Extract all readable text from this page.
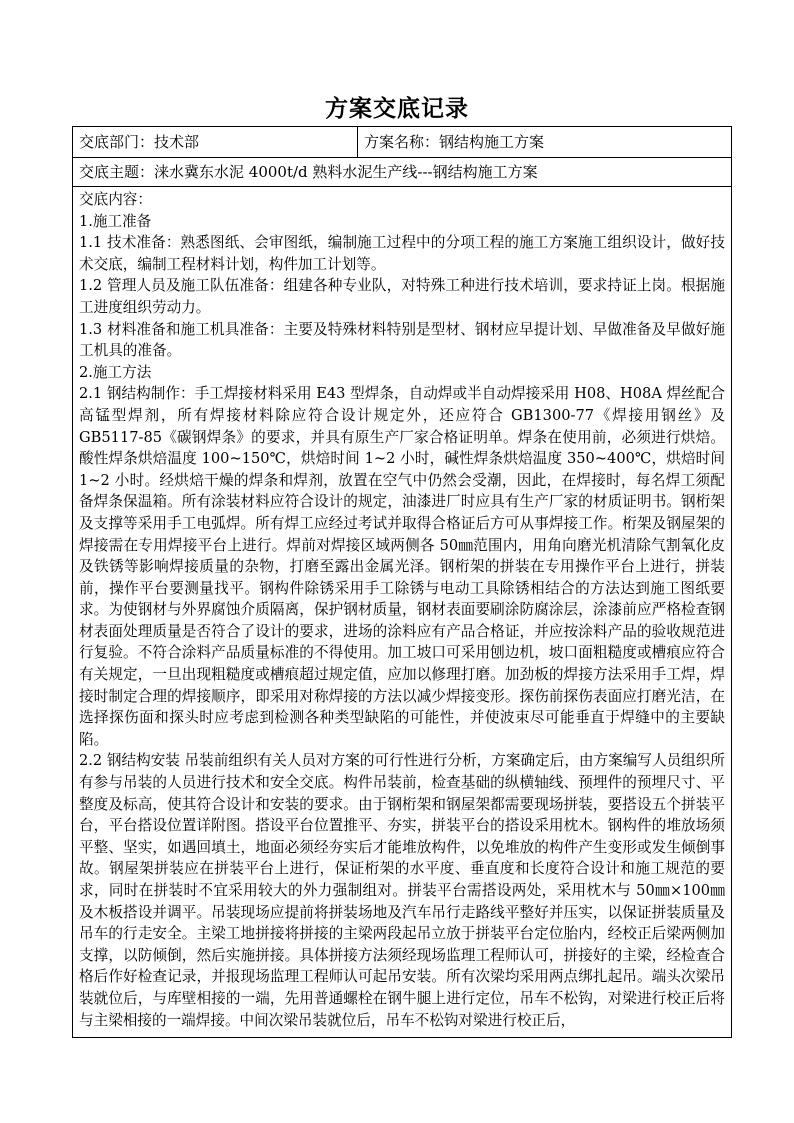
方案交底记录
交底部门：技术部	方案名称：钢结构施工方案
交底主题：涞水冀东水泥 4000t/d 熟料水泥生产线---钢结构施工方案

交底内容：

1.施工准备

1.1 技术准备：熟悉图纸、会审图纸，编制施工过程中的分项工程的施工方案施工组织设计，做好技术交底，编制工程材料计划，构件加工计划等。

1.2 管理人员及施工队伍准备：组建各种专业队，对特殊工种进行技术培训，要求持证上岗。根据施工进度组织劳动力。

1.3 材料准备和施工机具准备：主要及特殊材料特别是型材、钢材应早提计划、早做准备及早做好施工机具的准备。

2.施工方法

2.1 钢结构制作：手工焊接材料采用 E43 型焊条，自动焊或半自动焊接采用 H08、H08A 焊丝配合高锰型焊剂，所有焊接材料除应符合设计规定外，还应符合 GB1300-77《焊接用钢丝》及 GB5117-85《碳钢焊条》的要求，并具有原生产厂家合格证明单。焊条在使用前，必须进行烘焙。酸性焊条烘焙温度 100~150℃，烘焙时间 1~2 小时，碱性焊条烘焙温度 350~400℃，烘焙时间 1~2 小时。经烘焙干燥的焊条和焊剂，放置在空气中仍然会受潮，因此，在焊接时，每名焊工须配备焊条保温箱。所有涂装材料应符合设计的规定，油漆进厂时应具有生产厂家的材质证明书。钢桁架及支撑等采用手工电弧焊。所有焊工应经过考试并取得合格证后方可从事焊接工作。桁架及钢屋架的焊接需在专用焊接平台上进行。焊前对焊接区域两侧各 50㎜范围内，用角向磨光机清除气割氧化皮及铁锈等影响焊接质量的杂物，打磨至露出金属光泽。钢桁架的拼装在专用操作平台上进行，拼装前，操作平台要测量找平。钢构件除锈采用手工除锈与电动工具除锈相结合的方法达到施工图纸要求。为使钢材与外界腐蚀介质隔离，保护钢材质量，钢材表面要刷涂防腐涂层，涂漆前应严格检查钢材表面处理质量是否符合了设计的要求，进场的涂料应有产品合格证，并应按涂料产品的验收规范进行复验。不符合涂料产品质量标准的不得使用。加工坡口可采用刨边机，坡口面粗糙度或槽痕应符合有关规定，一旦出现粗糙度或槽痕超过规定值，应加以修理打磨。加劲板的焊接方法采用手工焊，焊接时制定合理的焊接顺序，即采用对称焊接的方法以减少焊接变形。探伤前探伤表面应打磨光洁，在选择探伤面和探头时应考虑到检测各种类型缺陷的可能性，并使波束尽可能垂直于焊缝中的主要缺陷。

2.2 钢结构安装 吊装前组织有关人员对方案的可行性进行分析，方案确定后，由方案编写人员组织所有参与吊装的人员进行技术和安全交底。构件吊装前，检查基础的纵横轴线、预埋件的预埋尺寸、平整度及标高，使其符合设计和安装的要求。由于钢桁架和钢屋架都需要现场拼装，要搭设五个拼装平台，平台搭设位置详附图。搭设平台位置推平、夯实，拼装平台的搭设采用枕木。钢构件的堆放场须平整、坚实，如遇回填土，地面必须经夯实后才能堆放构件，以免堆放的构件产生变形或发生倾倒事故。钢屋架拼装应在拼装平台上进行，保证桁架的水平度、垂直度和长度符合设计和施工规范的要求，同时在拼装时不宜采用较大的外力强制组对。拼装平台需搭设两处，采用枕木与 50㎜×100㎜ 及木板搭设并调平。吊装现场应提前将拼装场地及汽车吊行走路线平整好并压实，以保证拼装质量及吊车的行走安全。主梁工地拼接将拼接的主梁两段起吊立放于拼装平台定位胎内，经校正后梁两侧加支撑，以防倾倒，然后实施拼接。具体拼接方法须经现场监理工程师认可，拼接好的主梁，经检查合格后作好检查记录，并报现场监理工程师认可起吊安装。所有次梁均采用两点绑扎起吊。端头次梁吊装就位后，与库壁相接的一端，先用普通螺栓在钢牛腿上进行定位，吊车不松钩，对梁进行校正后将与主梁相接的一端焊接。中间次梁吊装就位后，吊车不松钩对梁进行校正后，
